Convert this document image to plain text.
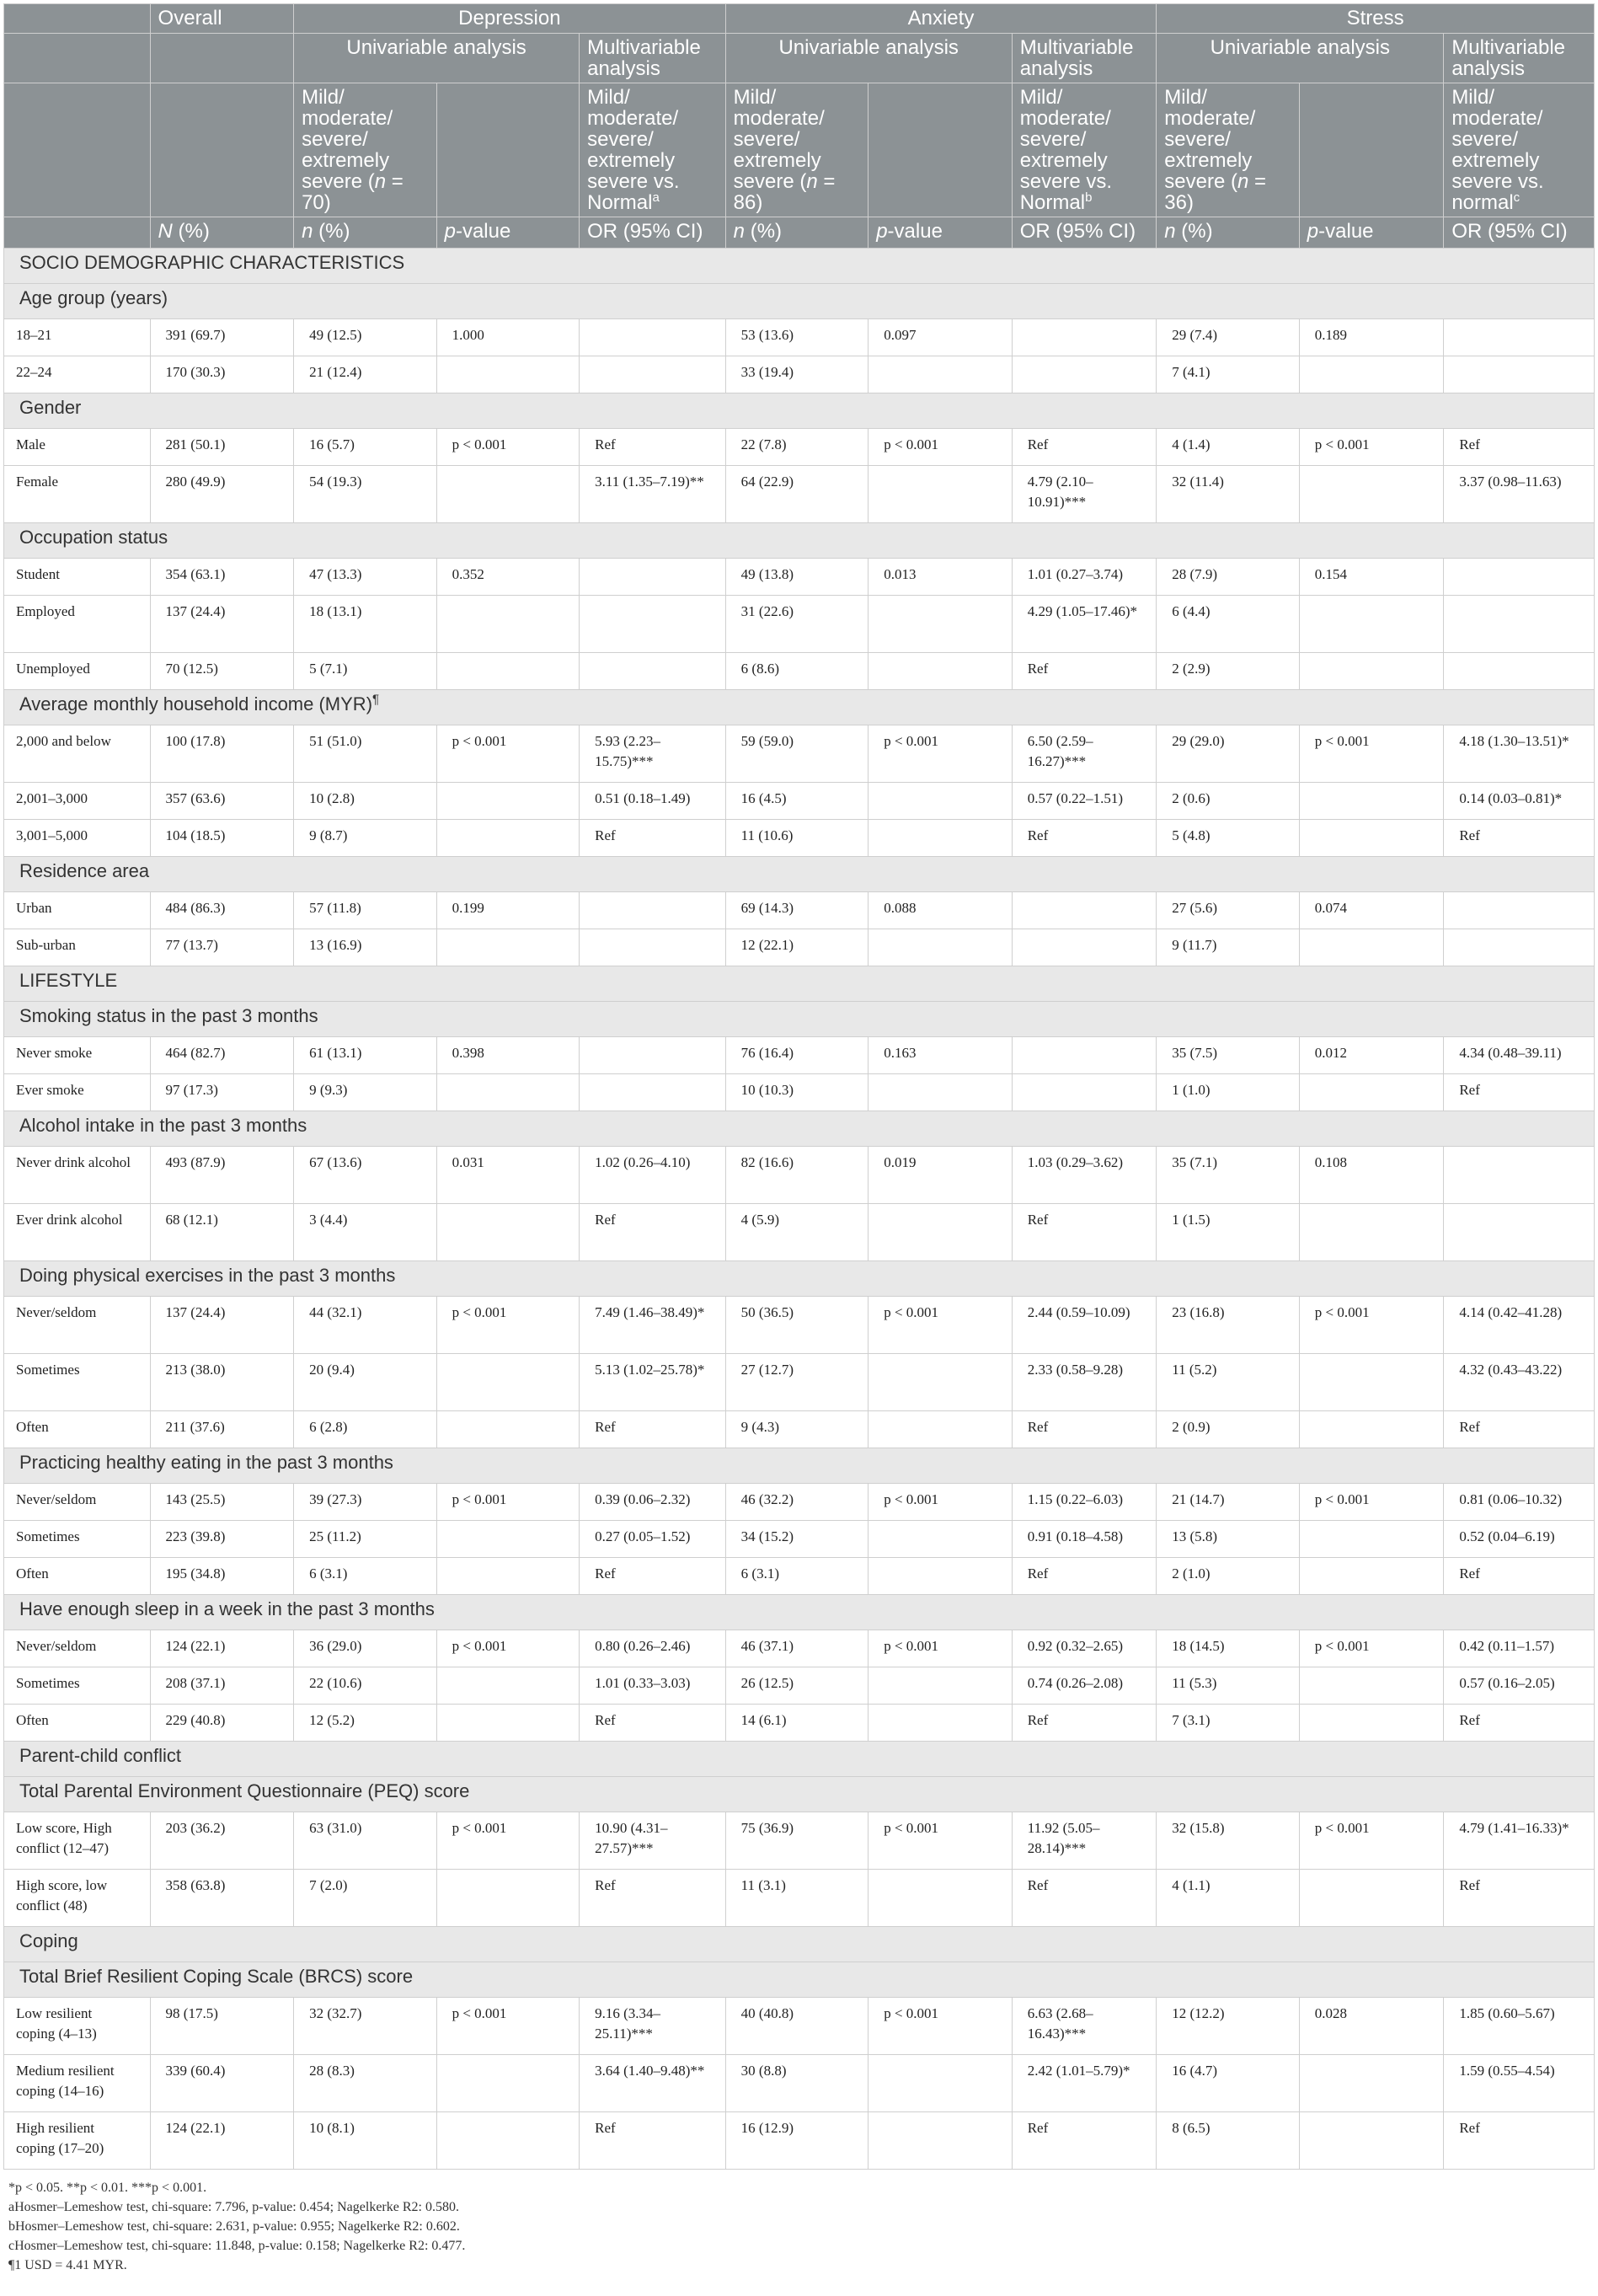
	Overall	Depression			Anxiety			Stress		
		Univariable analysis		Multivariable analysis	Univariable analysis		Multivariable analysis	Univariable analysis		Multivariable analysis
		Mild/ moderate/ severe/ extremely severe (n = 70)		Mild/ moderate/ severe/ extremely severe vs. Normal$^a$	Mild/ moderate/ severe/ extremely severe (n = 86)		Mild/ moderate/ severe/ extremely severe vs. Normal$^b$	Mild/ moderate/ severe/ extremely severe (n = 36)		Mild/ moderate/ severe/ extremely severe vs. normal$^c$
	N (%)	n (%)	p-value	OR (95% CI)	n (%)	p-value	OR (95% CI)	n (%)	p-value	OR (95% CI)
SOCIO DEMOGRAPHIC CHARACTERISTICS										
Age group (years)										
18–21	391 (69.7)	49 (12.5)	1.000		53 (13.6)	0.097		29 (7.4)	0.189	
22–24	170 (30.3)	21 (12.4)			33 (19.4)			7 (4.1)		
Gender										
Male	281 (50.1)	16 (5.7)	p < 0.001	Ref	22 (7.8)	p < 0.001	Ref	4 (1.4)	p < 0.001	Ref
Female	280 (49.9)	54 (19.3)		3.11 (1.35–7.19)**	64 (22.9)		4.79 (2.10–10.91)***	32 (11.4)		3.37 (0.98–11.63)
Occupation status										
Student	354 (63.1)	47 (13.3)	0.352		49 (13.8)	0.013	1.01 (0.27–3.74)	28 (7.9)	0.154	
Employed	137 (24.4)	18 (13.1)			31 (22.6)		4.29 (1.05–17.46)*	6 (4.4)		
Unemployed	70 (12.5)	5 (7.1)			6 (8.6)		Ref	2 (2.9)		
Average monthly household income (MYR)¶
2,000 and below	100 (17.8)	51 (51.0)	p < 0.001	5.93 (2.23–15.75)***	59 (59.0)	p < 0.001	6.50 (2.59–16.27)***	29 (29.0)	p < 0.001	4.18 (1.30–13.51)*
2,001–3,000	357 (63.6)	10 (2.8)		0.51 (0.18–1.49)	16 (4.5)		0.57 (0.22–1.51)	2 (0.6)		0.14 (0.03–0.81)*
3,001–5,000	104 (18.5)	9 (8.7)		Ref	11 (10.6)		Ref	5 (4.8)		Ref
Residence area										
Urban	484 (86.3)	57 (11.8)	0.199		69 (14.3)	0.088		27 (5.6)	0.074	
Sub-urban	77 (13.7)	13 (16.9)			12 (22.1)			9 (11.7)		
LIFESTYLE										
Smoking status in the past 3 months										
Never smoke	464 (82.7)	61 (13.1)	0.398		76 (16.4)	0.163		35 (7.5)	0.012	4.34 (0.48–39.11)
Ever smoke	97 (17.3)	9 (9.3)			10 (10.3)			1 (1.0)		Ref
Alcohol intake in the past 3 months										
Never drink alcohol	493 (87.9)	67 (13.6)	0.031	1.02 (0.26–4.10)	82 (16.6)	0.019	1.03 (0.29–3.62)	35 (7.1)	0.108	
Ever drink alcohol	68 (12.1)	3 (4.4)		Ref	4 (5.9)		Ref	1 (1.5)		
Doing physical exercises in the past 3 months										
Never/seldom	137 (24.4)	44 (32.1)	p < 0.001	7.49 (1.46–38.49)*	50 (36.5)	p < 0.001	2.44 (0.59–10.09)	23 (16.8)	p < 0.001	4.14 (0.42–41.28)
Sometimes	213 (38.0)	20 (9.4)		5.13 (1.02–25.78)*	27 (12.7)		2.33 (0.58–9.28)	11 (5.2)		4.32 (0.43–43.22)
Often	211 (37.6)	6 (2.8)		Ref	9 (4.3)		Ref	2 (0.9)		Ref
Practicing healthy eating in the past 3 months										
Never/seldom	143 (25.5)	39 (27.3)	p < 0.001	0.39 (0.06–2.32)	46 (32.2)	p < 0.001	1.15 (0.22–6.03)	21 (14.7)	p < 0.001	0.81 (0.06–10.32)
Sometimes	223 (39.8)	25 (11.2)		0.27 (0.05–1.52)	34 (15.2)		0.91 (0.18–4.58)	13 (5.8)		0.52 (0.04–6.19)
Often	195 (34.8)	6 (3.1)		Ref	6 (3.1)		Ref	2 (1.0)		Ref
Have enough sleep in a week in the past 3 months										
Never/seldom	124 (22.1)	36 (29.0)	p < 0.001	0.80 (0.26–2.46)	46 (37.1)	p < 0.001	0.92 (0.32–2.65)	18 (14.5)	p < 0.001	0.42 (0.11–1.57)
Sometimes	208 (37.1)	22 (10.6)		1.01 (0.33–3.03)	26 (12.5)		0.74 (0.26–2.08)	11 (5.3)		0.57 (0.16–2.05)
Often	229 (40.8)	12 (5.2)		Ref	14 (6.1)		Ref	7 (3.1)		Ref
Parent-child conflict										
Total Parental Environment Questionnaire (PEQ) score										
Low score, High conflict (12–47)	203 (36.2)	63 (31.0)	p < 0.001	10.90 (4.31–27.57)***	75 (36.9)	p < 0.001	11.92 (5.05–28.14)***	32 (15.8)	p < 0.001	4.79 (1.41–16.33)*
High score, low conflict (48)	358 (63.8)	7 (2.0)		Ref	11 (3.1)		Ref	4 (1.1)		Ref
Coping										
Total Brief Resilient Coping Scale (BRCS) score										
Low resilient coping (4–13)	98 (17.5)	32 (32.7)	p < 0.001	9.16 (3.34–25.11)***	40 (40.8)	p < 0.001	6.63 (2.68–16.43)***	12 (12.2)	0.028	1.85 (0.60–5.67)
Medium resilient coping (14–16)	339 (60.4)	28 (8.3)		3.64 (1.40–9.48)**	30 (8.8)		2.42 (1.01–5.79)*	16 (4.7)		1.59 (0.55–4.54)
High resilient coping (17–20)	124 (22.1)	10 (8.1)		Ref	16 (12.9)		Ref	8 (6.5)		Ref
*p < 0.05. **p < 0.01. ***p < 0.001.
aHosmer–Lemeshow test, chi-square: 7.796, p-value: 0.454; Nagelkerke R2: 0.580.
bHosmer–Lemeshow test, chi-square: 2.631, p-value: 0.955; Nagelkerke R2: 0.602.
cHosmer–Lemeshow test, chi-square: 11.848, p-value: 0.158; Nagelkerke R2: 0.477.
¶1 USD = 4.41 MYR.
